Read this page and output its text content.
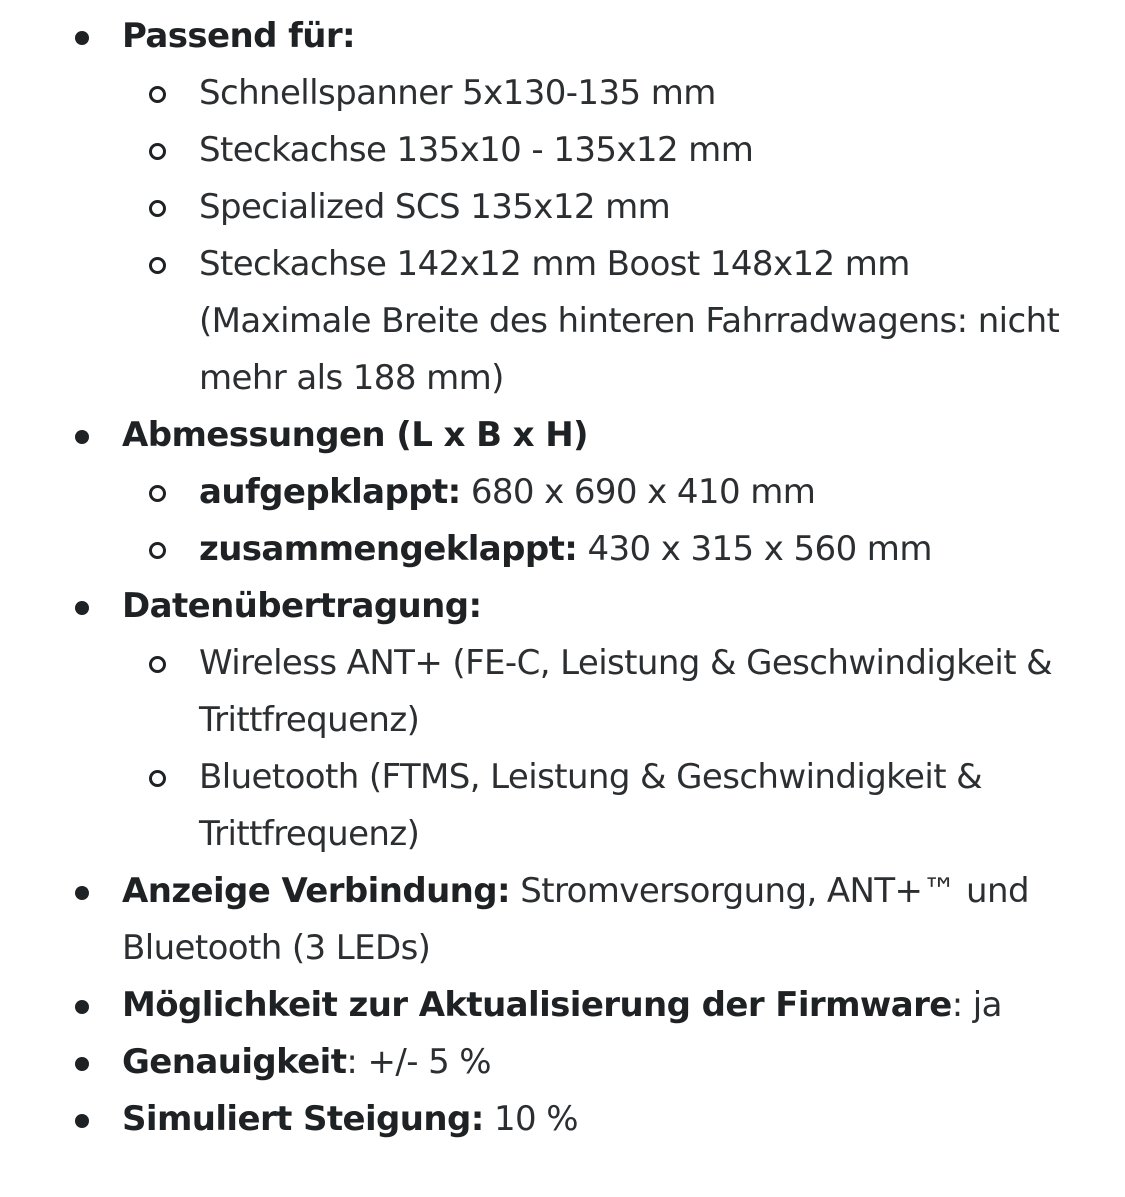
Passend für:
Schnellspanner 5x130-135 mm
Steckachse 135x10 - 135x12 mm
Specialized SCS 135x12 mm
Steckachse 142x12 mm Boost 148x12 mm (Maximale Breite des hinteren Fahrradwagens: nicht mehr als 188 mm)
Abmessungen (L x B x H)
aufgepklappt: 680 x 690 x 410 mm
zusammengeklappt: 430 x 315 x 560 mm
Datenübertragung:
Wireless ANT+ (FE-C, Leistung & Geschwindigkeit & Trittfrequenz)
Bluetooth (FTMS, Leistung & Geschwindigkeit & Trittfrequenz)
Anzeige Verbindung: Stromversorgung, ANT+™ und Bluetooth (3 LEDs)
Möglichkeit zur Aktualisierung der Firmware: ja
Genauigkeit: +/- 5 %
Simuliert Steigung: 10 %
